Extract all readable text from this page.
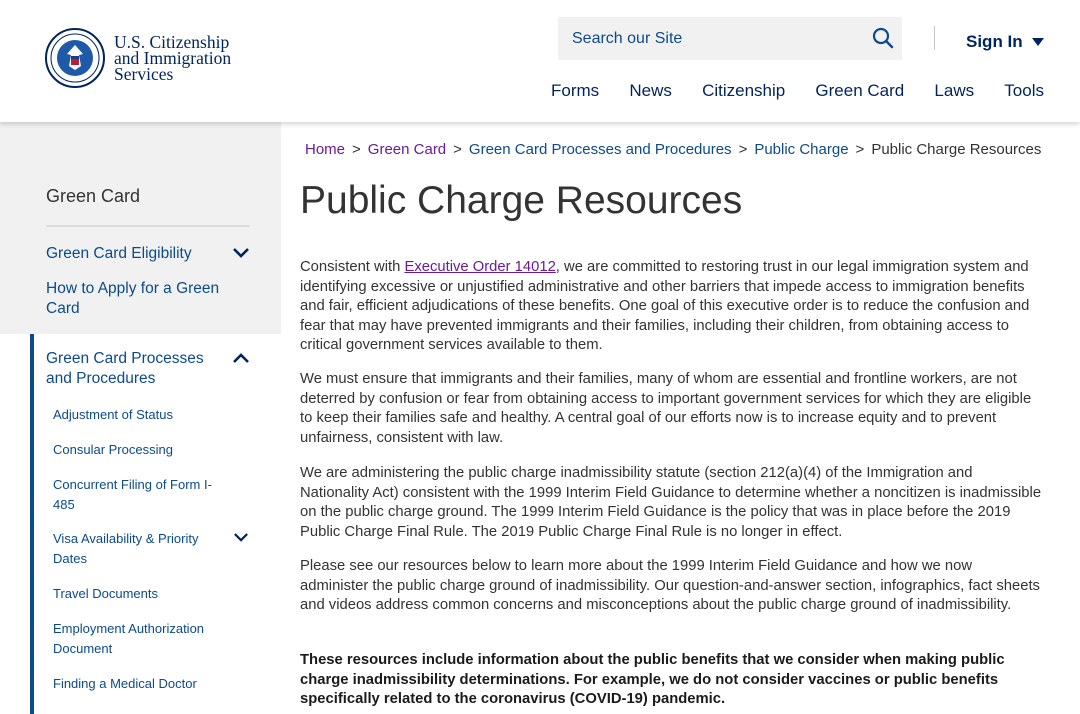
U.S. Citizenship
and Immigration
Services
Search our Site	Sign In
Forms News Citizenship Green Card Laws Tools
Green Card
Green Card Eligibility
How to Apply for a Green Card
Green Card Processes and Procedures
Adjustment of Status
Consular Processing
Concurrent Filing of Form I-485
Visa Availability & Priority Dates
Travel Documents
Employment Authorization Document
Finding a Medical Doctor
Home > Green Card > Green Card Processes and Procedures > Public Charge > Public Charge Resources
Public Charge Resources

Consistent with Executive Order 14012, we are committed to restoring trust in our legal immigration system and identifying excessive or unjustified administrative and other barriers that impede access to immigration benefits and fair, efficient adjudications of these benefits. One goal of this executive order is to reduce the confusion and fear that may have prevented immigrants and their families, including their children, from obtaining access to critical government services available to them.

We must ensure that immigrants and their families, many of whom are essential and frontline workers, are not deterred by confusion or fear from obtaining access to important government services for which they are eligible to keep their families safe and healthy. A central goal of our efforts now is to increase equity and to prevent unfairness, consistent with law.

We are administering the public charge inadmissibility statute (section 212(a)(4) of the Immigration and Nationality Act) consistent with the 1999 Interim Field Guidance to determine whether a noncitizen is inadmissible on the public charge ground. The 1999 Interim Field Guidance is the policy that was in place before the 2019 Public Charge Final Rule. The 2019 Public Charge Final Rule is no longer in effect.

Please see our resources below to learn more about the 1999 Interim Field Guidance and how we now administer the public charge ground of inadmissibility. Our question-and-answer section, infographics, fact sheets and videos address common concerns and misconceptions about the public charge ground of inadmissibility.

These resources include information about the public benefits that we consider when making public charge inadmissibility determinations. For example, we do not consider vaccines or public benefits specifically related to the coronavirus (COVID-19) pandemic.
